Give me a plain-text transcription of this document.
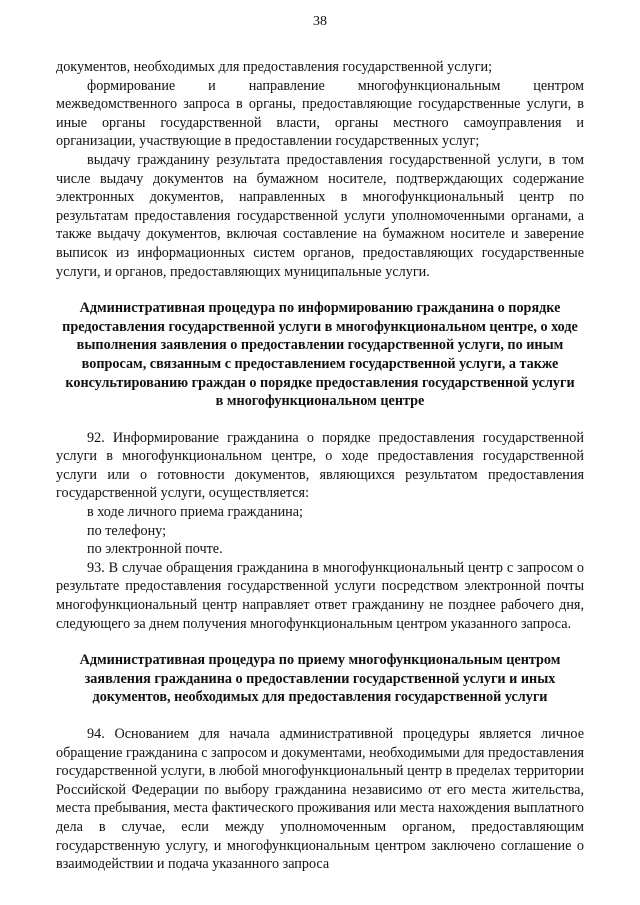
38

документов, необходимых для предоставления государственной услуги;

формирование и направление многофункциональным центром межведомственного запроса в органы, предоставляющие государственные услуги, в иные органы государственной власти, органы местного самоуправления и организации, участвующие в предоставлении государственных услуг;

выдачу гражданину результата предоставления государственной услуги, в том числе выдачу документов на бумажном носителе, подтверждающих содержание электронных документов, направленных в многофункциональный центр по результатам предоставления государственной услуги уполномоченными органами, а также выдачу документов, включая составление на бумажном носителе и заверение выписок из информационных систем органов, предоставляющих государственные услуги, и органов, предоставляющих муниципальные услуги.

Административная процедура по информированию гражданина о порядке предоставления государственной услуги в многофункциональном центре, о ходе выполнения заявления о предоставлении государственной услуги, по иным вопросам, связанным с предоставлением государственной услуги, а также консультированию граждан о порядке предоставления государственной услуги в многофункциональном центре

92. Информирование гражданина о порядке предоставления государственной услуги в многофункциональном центре, о ходе предоставления государственной услуги или о готовности документов, являющихся результатом предоставления государственной услуги, осуществляется:

в ходе личного приема гражданина;

по телефону;

по электронной почте.

93. В случае обращения гражданина в многофункциональный центр с запросом о результате предоставления государственной услуги посредством электронной почты многофункциональный центр направляет ответ гражданину не позднее рабочего дня, следующего за днем получения многофункциональным центром указанного запроса.

Административная процедура по приему многофункциональным центром заявления гражданина о предоставлении государственной услуги и иных документов, необходимых для предоставления государственной услуги

94. Основанием для начала административной процедуры является личное обращение гражданина с запросом и документами, необходимыми для предоставления государственной услуги, в любой многофункциональный центр в пределах территории Российской Федерации по выбору гражданина независимо от его места жительства, места пребывания, места фактического проживания или места нахождения выплатного дела в случае, если между уполномоченным органом, предоставляющим государственную услугу, и многофункциональным центром заключено соглашение о взаимодействии и подача указанного запроса
